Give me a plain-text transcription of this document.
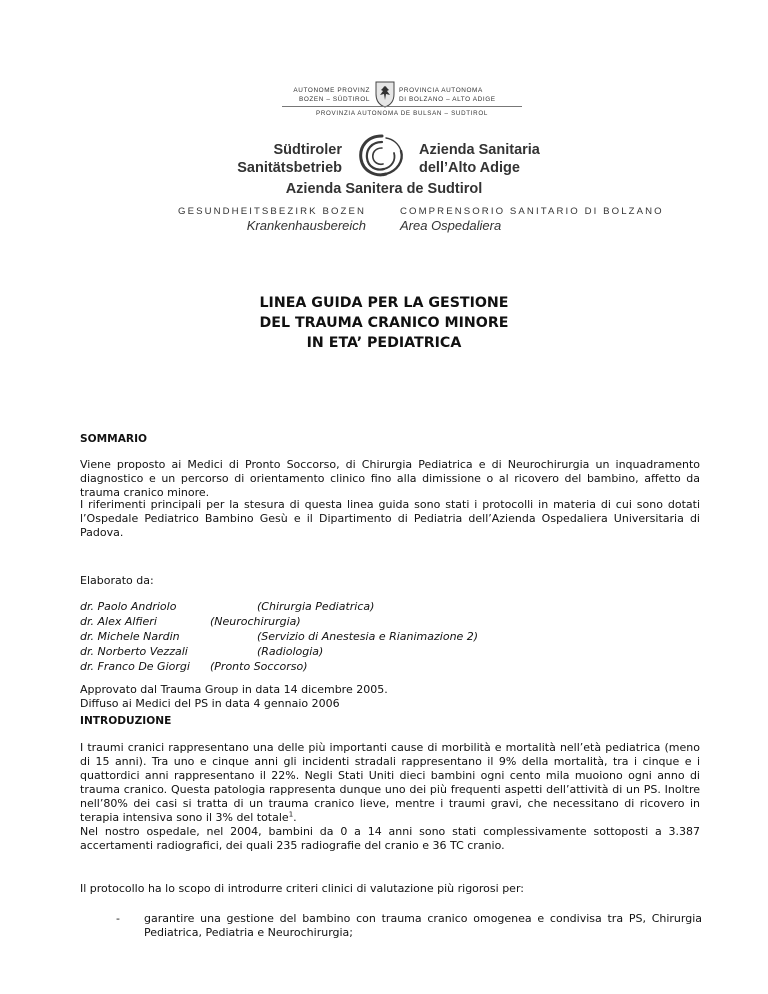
AUTONOME PROVINZ
BOZEN – SÜDTIROL
PROVINCIA AUTONOMA
DI BOLZANO – ALTO ADIGE
PROVINZIA AUTONOMA DE BULSAN – SUDTIROL
Südtiroler
Sanitätsbetrieb
Azienda Sanitaria
dell’Alto Adige
Azienda Sanitera de Sudtirol
GESUNDHEITSBEZIRK BOZEN	COMPRENSORIO SANITARIO DI BOLZANO
Krankenhausbereich	Area Ospedaliera
LINEA GUIDA PER LA GESTIONE
DEL TRAUMA CRANICO MINORE
IN ETA’ PEDIATRICA
SOMMARIO
Viene proposto ai Medici di Pronto Soccorso, di Chirurgia Pediatrica e di Neurochirurgia un inquadramento diagnostico e un percorso di orientamento clinico fino alla dimissione o al ricovero del bambino, affetto da trauma cranico minore.
I riferimenti principali per la stesura di questa linea guida sono stati i protocolli in materia di cui sono dotati l’Ospedale Pediatrico Bambino Gesù e il Dipartimento di Pediatria dell’Azienda Ospedaliera Universitaria di Padova.
Elaborato da:
dr. Paolo Andriolo	(Chirurgia Pediatrica)
dr. Alex Alfieri	(Neurochirurgia)
dr. Michele Nardin	(Servizio di Anestesia e Rianimazione 2)
dr. Norberto Vezzali	(Radiologia)
dr. Franco De Giorgi	(Pronto Soccorso)
Approvato dal Trauma Group in data 14 dicembre 2005.
Diffuso ai Medici del PS in data 4 gennaio 2006
INTRODUZIONE
I traumi cranici rappresentano una delle più importanti cause di morbilità e mortalità nell’età pediatrica (meno di 15 anni). Tra uno e cinque anni gli incidenti stradali rappresentano il 9% della mortalità, tra i cinque e i quattordici anni rappresentano il 22%. Negli Stati Uniti dieci bambini ogni cento mila muoiono ogni anno di trauma cranico. Questa patologia rappresenta dunque uno dei più frequenti aspetti dell’attività di un PS. Inoltre nell’80% dei casi si tratta di un trauma cranico lieve, mentre i traumi gravi, che necessitano di ricovero in terapia intensiva sono il 3% del totale$^1$.
Nel nostro ospedale, nel 2004, bambini da 0 a 14 anni sono stati complessivamente sottoposti a 3.387 accertamenti radiografici, dei quali 235 radiografie del cranio e 36 TC cranio.
Il protocollo ha lo scopo di introdurre criteri clinici di valutazione più rigorosi per:
- garantire una gestione del bambino con trauma cranico omogenea e condivisa tra PS, Chirurgia Pediatrica, Pediatria e Neurochirurgia;
